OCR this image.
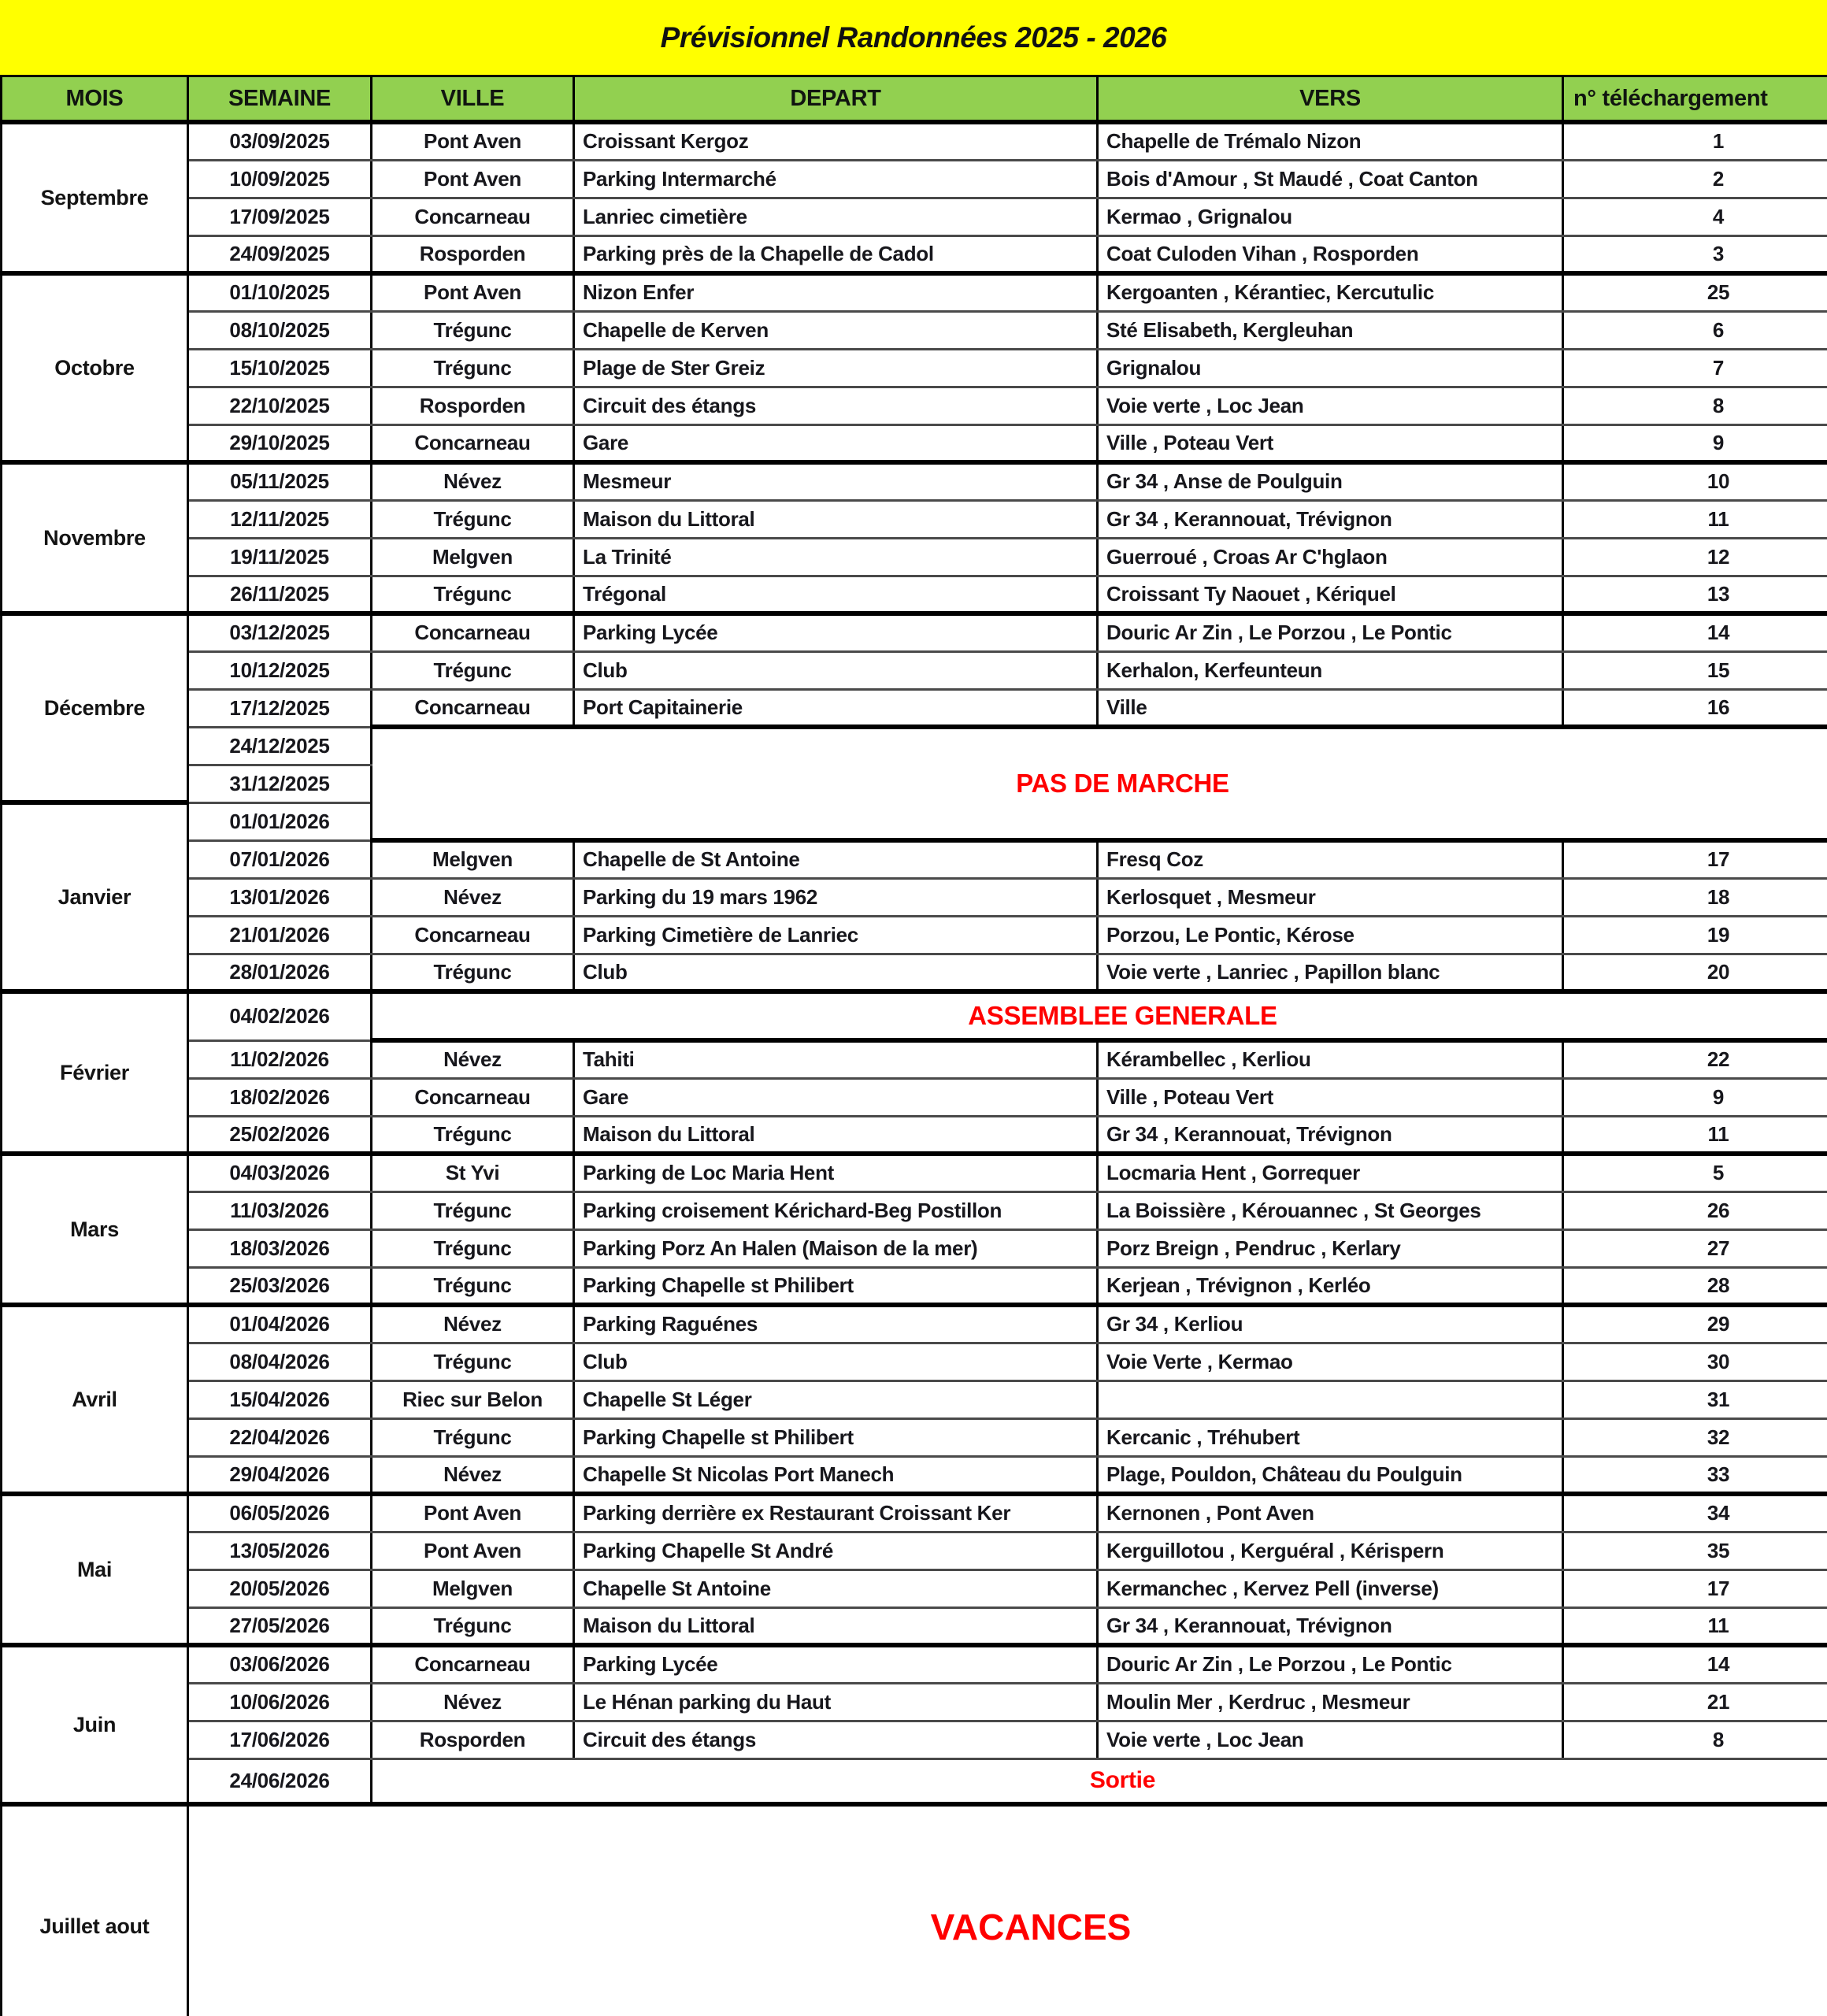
Prévisionnel Randonnées 2025 - 2026
MOIS	SEMAINE	VILLE	DEPART	VERS	n° téléchargement
Septembre	03/09/2025	Pont Aven	Croissant Kergoz	Chapelle de Trémalo Nizon	1
	10/09/2025	Pont Aven	Parking Intermarché	Bois d'Amour , St Maudé , Coat Canton	2
	17/09/2025	Concarneau	Lanriec cimetière	Kermao , Grignalou	4
	24/09/2025	Rosporden	Parking près de la Chapelle de Cadol	Coat Culoden Vihan , Rosporden	3
Octobre	01/10/2025	Pont Aven	Nizon Enfer	Kergoanten , Kérantiec, Kercutulic	25
	08/10/2025	Trégunc	Chapelle de Kerven	Sté Elisabeth, Kergleuhan	6
	15/10/2025	Trégunc	Plage de Ster Greiz	Grignalou	7
	22/10/2025	Rosporden	Circuit des étangs	Voie verte , Loc Jean	8
	29/10/2025	Concarneau	Gare	Ville , Poteau Vert	9
Novembre	05/11/2025	Névez	Mesmeur	Gr 34 , Anse de Poulguin	10
	12/11/2025	Trégunc	Maison du Littoral	Gr 34 , Kerannouat, Trévignon	11
	19/11/2025	Melgven	La Trinité	Guerroué , Croas Ar C'hglaon	12
	26/11/2025	Trégunc	Trégonal	Croissant Ty Naouet , Kériquel	13
Décembre	03/12/2025	Concarneau	Parking Lycée	Douric Ar Zin , Le Porzou , Le Pontic	14
	10/12/2025	Trégunc	Club	Kerhalon, Kerfeunteun	15
	17/12/2025	Concarneau	Port Capitainerie	Ville	16
	24/12/2025	PAS DE MARCHE			
	31/12/2025				
Janvier	01/01/2026				
	07/01/2026	Melgven	Chapelle de St Antoine	Fresq Coz	17
	13/01/2026	Névez	Parking du 19 mars 1962	Kerlosquet , Mesmeur	18
	21/01/2026	Concarneau	Parking Cimetière de Lanriec	Porzou, Le Pontic, Kérose	19
	28/01/2026	Trégunc	Club	Voie verte , Lanriec , Papillon blanc	20
Février	04/02/2026	ASSEMBLEE GENERALE			
	11/02/2026	Névez	Tahiti	Kérambellec , Kerliou	22
	18/02/2026	Concarneau	Gare	Ville , Poteau Vert	9
	25/02/2026	Trégunc	Maison du Littoral	Gr 34 , Kerannouat, Trévignon	11
Mars	04/03/2026	St Yvi	Parking de Loc Maria Hent	Locmaria Hent , Gorrequer	5
	11/03/2026	Trégunc	Parking croisement Kérichard-Beg Postillon	La Boissière , Kérouannec , St Georges	26
	18/03/2026	Trégunc	Parking Porz An Halen (Maison de la mer)	Porz Breign , Pendruc , Kerlary	27
	25/03/2026	Trégunc	Parking Chapelle st Philibert	Kerjean , Trévignon , Kerléo	28
Avril	01/04/2026	Névez	Parking Raguénes	Gr 34 , Kerliou	29
	08/04/2026	Trégunc	Club	Voie Verte , Kermao	30
	15/04/2026	Riec sur Belon	Chapelle St Léger		31
	22/04/2026	Trégunc	Parking Chapelle st Philibert	Kercanic , Tréhubert	32
	29/04/2026	Névez	Chapelle St Nicolas Port Manech	Plage, Pouldon, Château du Poulguin	33
Mai	06/05/2026	Pont Aven	Parking derrière ex Restaurant Croissant Ker	Kernonen , Pont Aven	34
	13/05/2026	Pont Aven	Parking Chapelle St André	Kerguillotou , Kerguéral , Kérispern	35
	20/05/2026	Melgven	Chapelle St Antoine	Kermanchec , Kervez Pell (inverse)	17
	27/05/2026	Trégunc	Maison du Littoral	Gr 34 , Kerannouat, Trévignon	11
Juin	03/06/2026	Concarneau	Parking Lycée	Douric Ar Zin , Le Porzou , Le Pontic	14
	10/06/2026	Névez	Le Hénan parking du Haut	Moulin Mer , Kerdruc , Mesmeur	21
	17/06/2026	Rosporden	Circuit des étangs	Voie verte , Loc Jean	8
	24/06/2026	Sortie			
Juillet aout	VACANCES				
